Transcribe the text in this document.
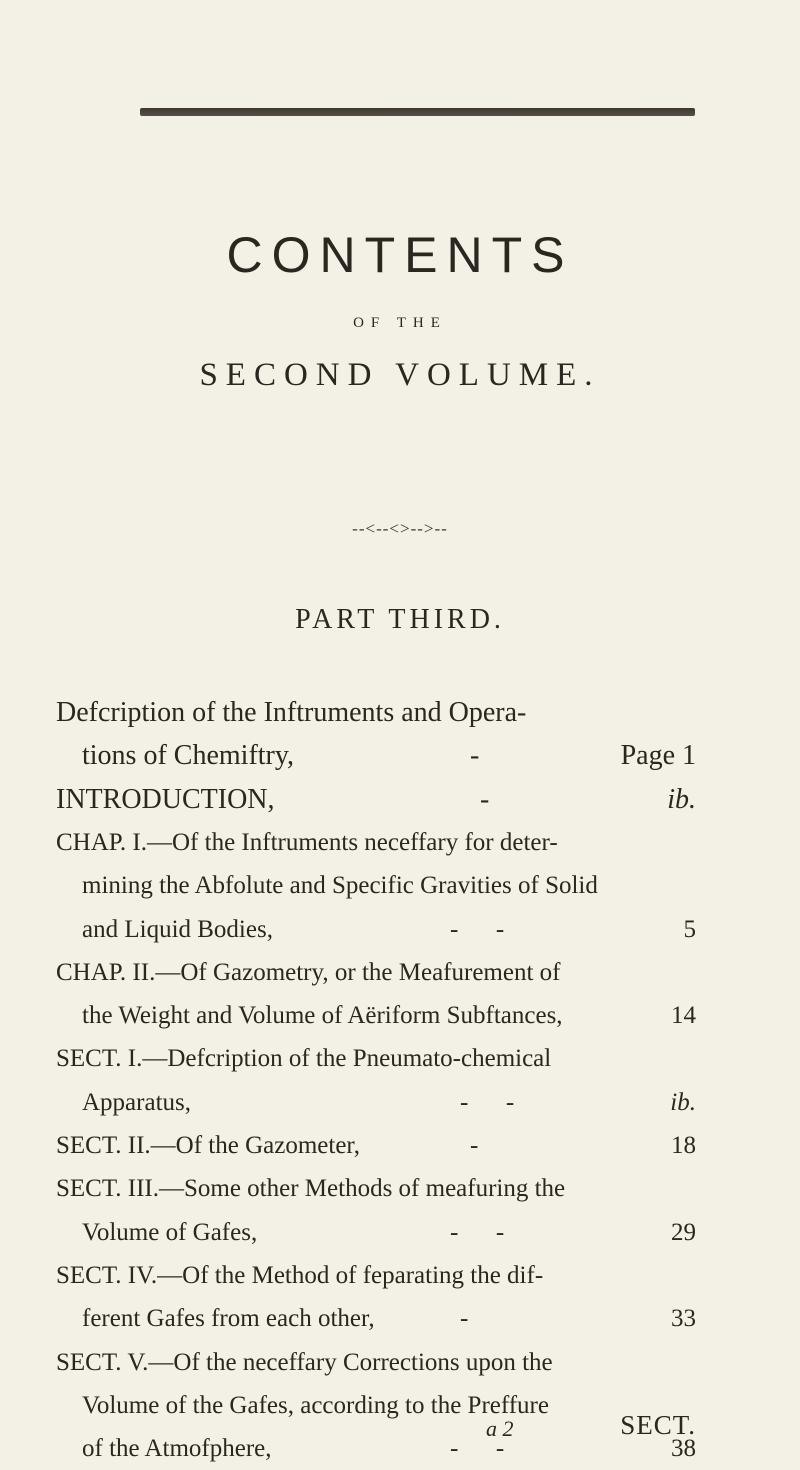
CONTENTS
OF THE
SECOND VOLUME.
--<--<>-->--
PART THIRD.
Defcription of the Inftruments and Opera-
tions of Chemiftry,	-	Page 1
INTRODUCTION,	-	ib.
CHAP. I.—Of the Inftruments neceffary for deter-
mining the Abfolute and Specific Gravities of Solid
and Liquid Bodies,	-      -	5
CHAP. II.—Of Gazometry, or the Meafurement of
the Weight and Volume of Aëriform Subftances,	14
SECT. I.—Defcription of the Pneumato-chemical
Apparatus,	-      -	ib.
SECT. II.—Of the Gazometer,	-	18
SECT. III.—Some other Methods of meafuring the
Volume of Gafes,	-      -	29
SECT. IV.—Of the Method of feparating the dif-
ferent Gafes from each other,	-	33
SECT. V.—Of the neceffary Corrections upon the
Volume of the Gafes, according to the Preffure
of the Atmofphere,	-      -	38
a 2	SECT.
